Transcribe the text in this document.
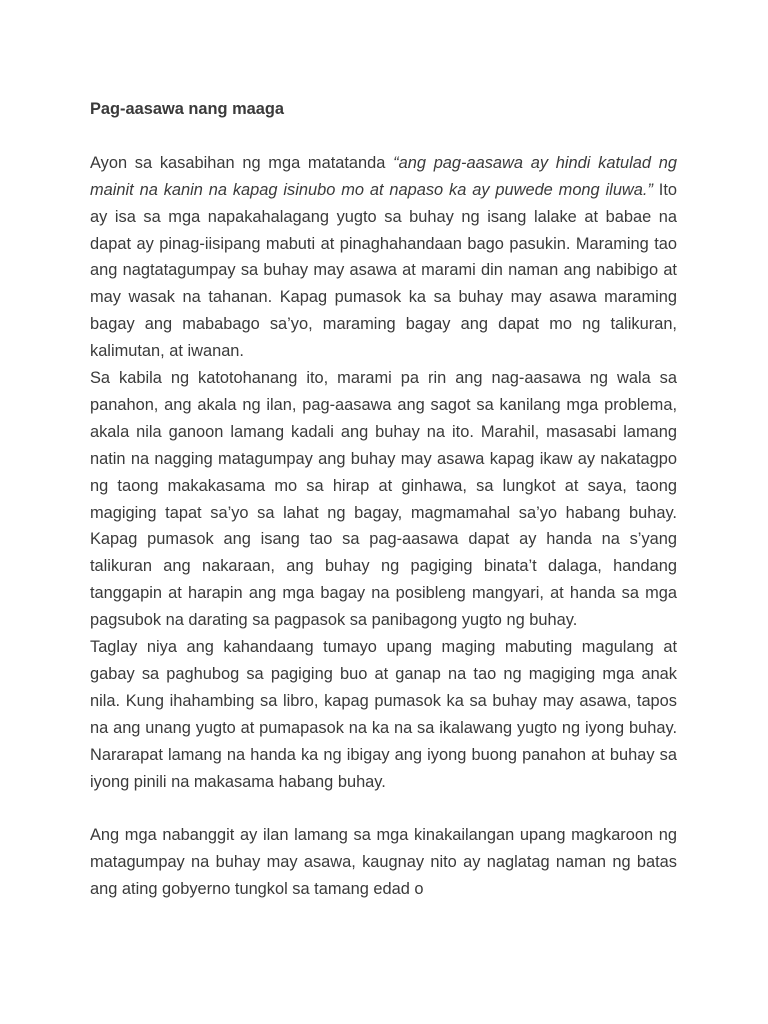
Pag-aasawa nang maaga

Ayon sa kasabihan ng mga matatanda “ang pag-aasawa ay hindi katulad ng mainit na kanin na kapag isinubo mo at napaso ka ay puwede mong iluwa.” Ito ay isa sa mga napakahalagang yugto sa buhay ng isang lalake at babae na dapat ay pinag-iisipang mabuti at pinaghahandaan bago pasukin. Maraming tao ang nagtatagumpay sa buhay may asawa at marami din naman ang nabibigo at may wasak na tahanan. Kapag pumasok ka sa buhay may asawa maraming bagay ang mababago sa’yo, maraming bagay ang dapat mo ng talikuran, kalimutan, at iwanan.

Sa kabila ng katotohanang ito, marami pa rin ang nag-aasawa ng wala sa panahon, ang akala ng ilan, pag-aasawa ang sagot sa kanilang mga problema, akala nila ganoon lamang kadali ang buhay na ito. Marahil, masasabi lamang natin na nagging matagumpay ang buhay may asawa kapag ikaw ay nakatagpo ng taong makakasama mo sa hirap at ginhawa, sa lungkot at saya, taong magiging tapat sa’yo sa lahat ng bagay, magmamahal sa’yo habang buhay. Kapag pumasok ang isang tao sa pag-aasawa dapat ay handa na s’yang talikuran ang nakaraan, ang buhay ng pagiging binata’t dalaga, handang tanggapin at harapin ang mga bagay na posibleng mangyari, at handa sa mga pagsubok na darating sa pagpasok sa panibagong yugto ng buhay.

Taglay niya ang kahandaang tumayo upang maging mabuting magulang at gabay sa paghubog sa pagiging buo at ganap na tao ng magiging mga anak nila. Kung ihahambing sa libro, kapag pumasok ka sa buhay may asawa, tapos na ang unang yugto at pumapasok na ka na sa ikalawang yugto ng iyong buhay. Nararapat lamang na handa ka ng ibigay ang iyong buong panahon at buhay sa iyong pinili na makasama habang buhay.

Ang mga nabanggit ay ilan lamang sa mga kinakailangan upang magkaroon ng matagumpay na buhay may asawa, kaugnay nito ay naglatag naman ng batas ang ating gobyerno tungkol sa tamang edad o
